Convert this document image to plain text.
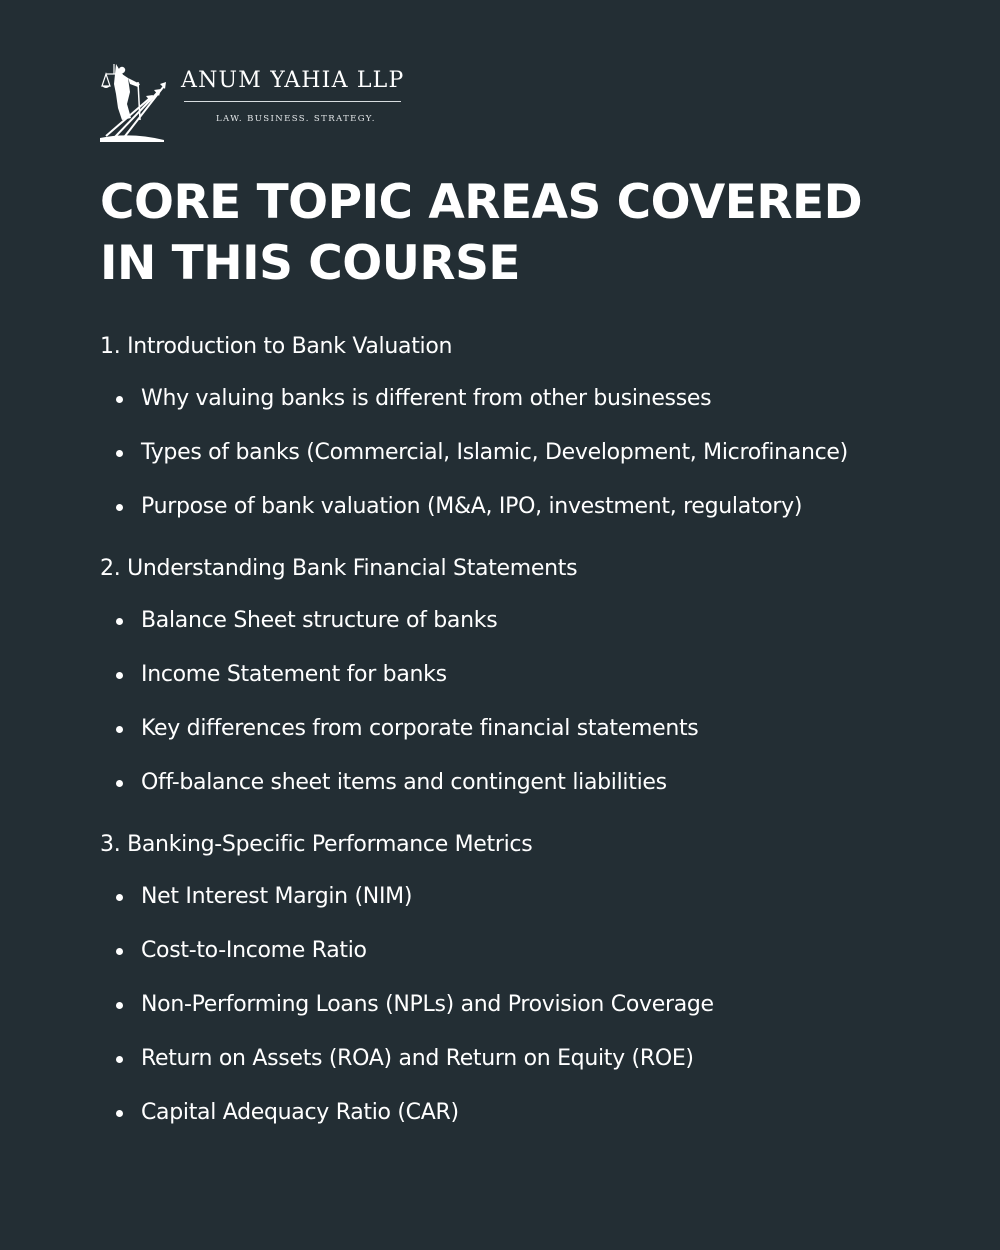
ANUM YAHIA LLP
LAW. BUSINESS. STRATEGY.
CORE TOPIC AREAS COVERED
IN THIS COURSE
1. Introduction to Bank Valuation
Why valuing banks is different from other businesses
Types of banks (Commercial, Islamic, Development, Microfinance)
Purpose of bank valuation (M&A, IPO, investment, regulatory)
2. Understanding Bank Financial Statements
Balance Sheet structure of banks
Income Statement for banks
Key differences from corporate financial statements
Off-balance sheet items and contingent liabilities
3. Banking-Specific Performance Metrics
Net Interest Margin (NIM)
Cost-to-Income Ratio
Non-Performing Loans (NPLs) and Provision Coverage
Return on Assets (ROA) and Return on Equity (ROE)
Capital Adequacy Ratio (CAR)
